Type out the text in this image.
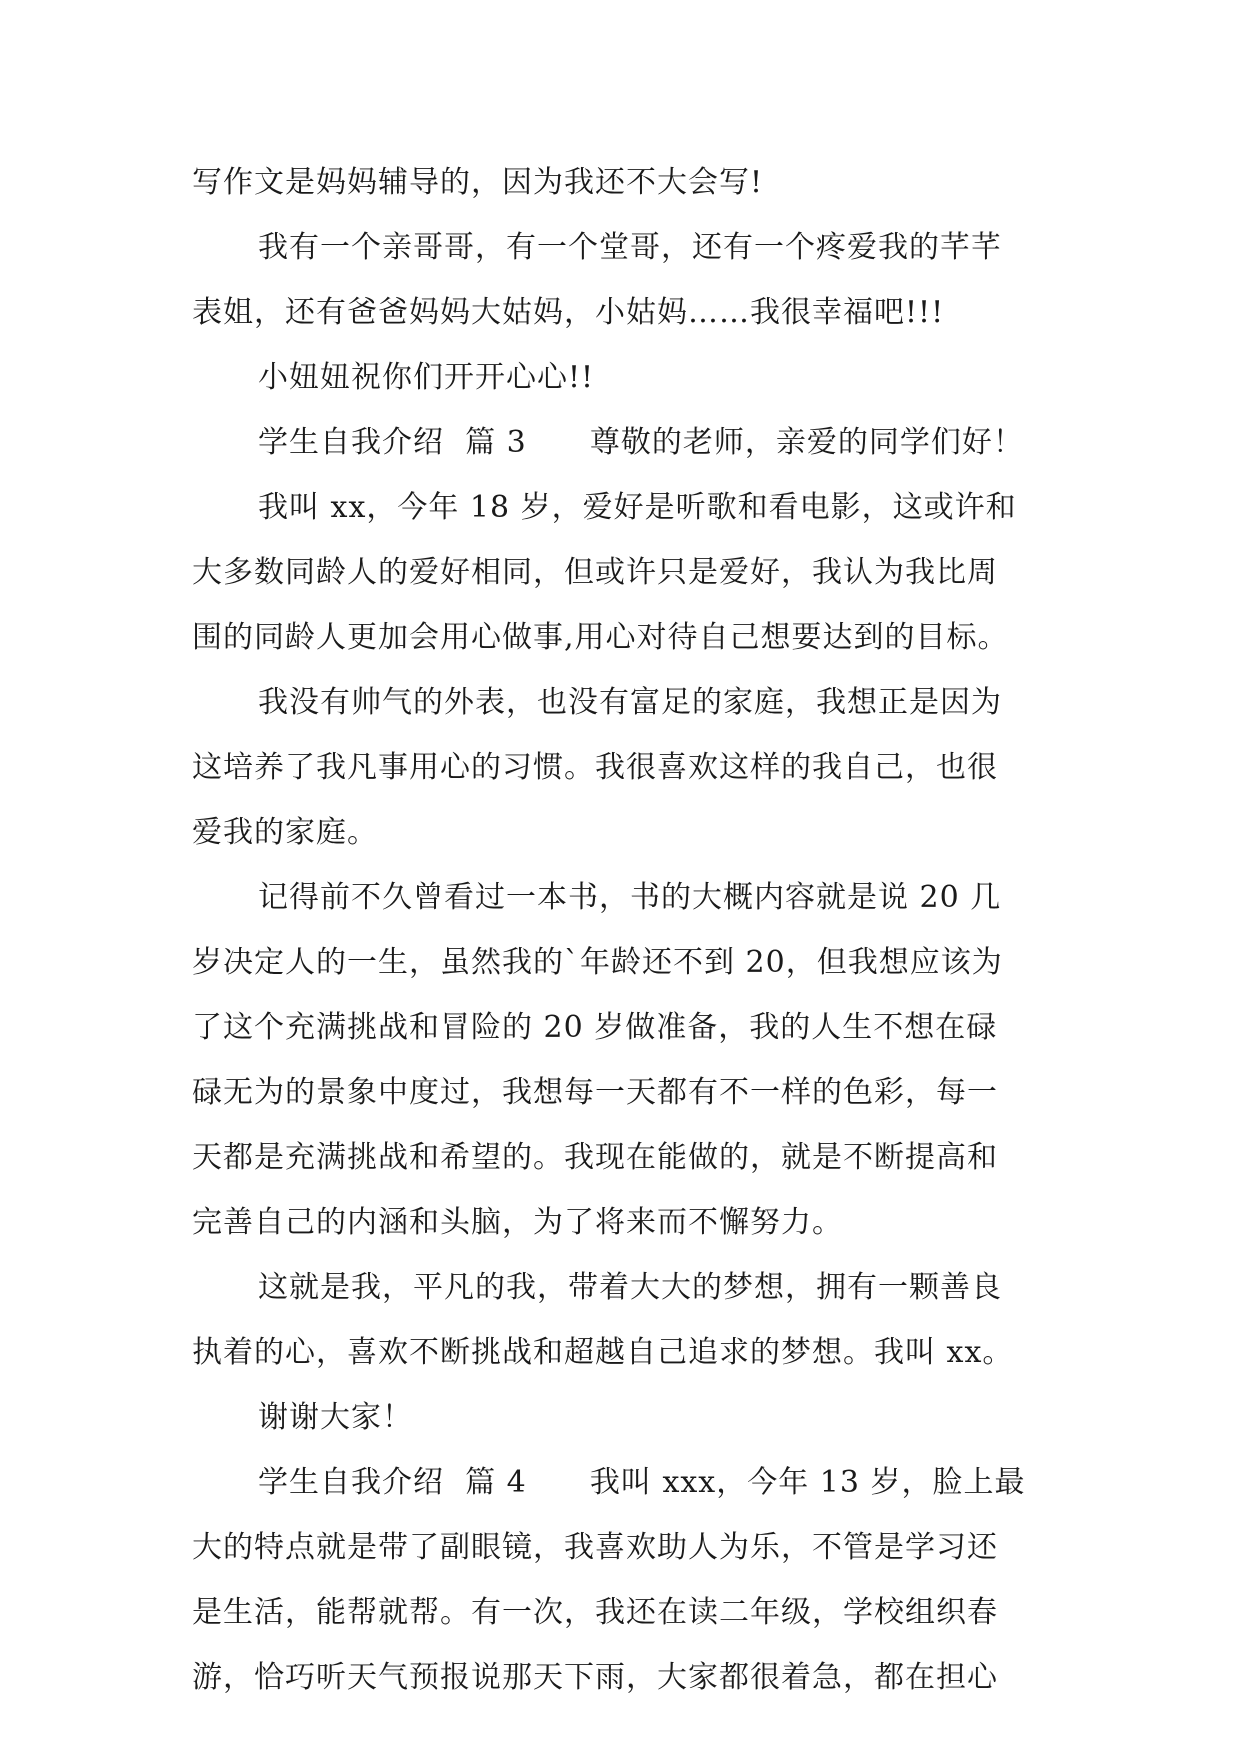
写作文是妈妈辅导的，因为我还不大会写!
我有一个亲哥哥，有一个堂哥，还有一个疼爱我的芊芊
表姐，还有爸爸妈妈大姑妈，小姑妈……我很幸福吧!!!
小妞妞祝你们开开心心!!
学生自我介绍  篇 3      尊敬的老师，亲爱的同学们好！
我叫 xx，今年 18 岁，爱好是听歌和看电影，这或许和
大多数同龄人的爱好相同，但或许只是爱好，我认为我比周
围的同龄人更加会用心做事,用心对待自己想要达到的目标。
我没有帅气的外表，也没有富足的家庭，我想正是因为
这培养了我凡事用心的习惯。我很喜欢这样的我自己，也很
爱我的家庭。
记得前不久曾看过一本书，书的大概内容就是说 20 几
岁决定人的一生，虽然我的`年龄还不到 20，但我想应该为
了这个充满挑战和冒险的 20 岁做准备，我的人生不想在碌
碌无为的景象中度过，我想每一天都有不一样的色彩，每一
天都是充满挑战和希望的。我现在能做的，就是不断提高和
完善自己的内涵和头脑，为了将来而不懈努力。
这就是我，平凡的我，带着大大的梦想，拥有一颗善良
执着的心，喜欢不断挑战和超越自己追求的梦想。我叫 xx。
谢谢大家！
学生自我介绍  篇 4      我叫 xxx，今年 13 岁，脸上最
大的特点就是带了副眼镜，我喜欢助人为乐，不管是学习还
是生活，能帮就帮。有一次，我还在读二年级，学校组织春
游，恰巧听天气预报说那天下雨，大家都很着急，都在担心
